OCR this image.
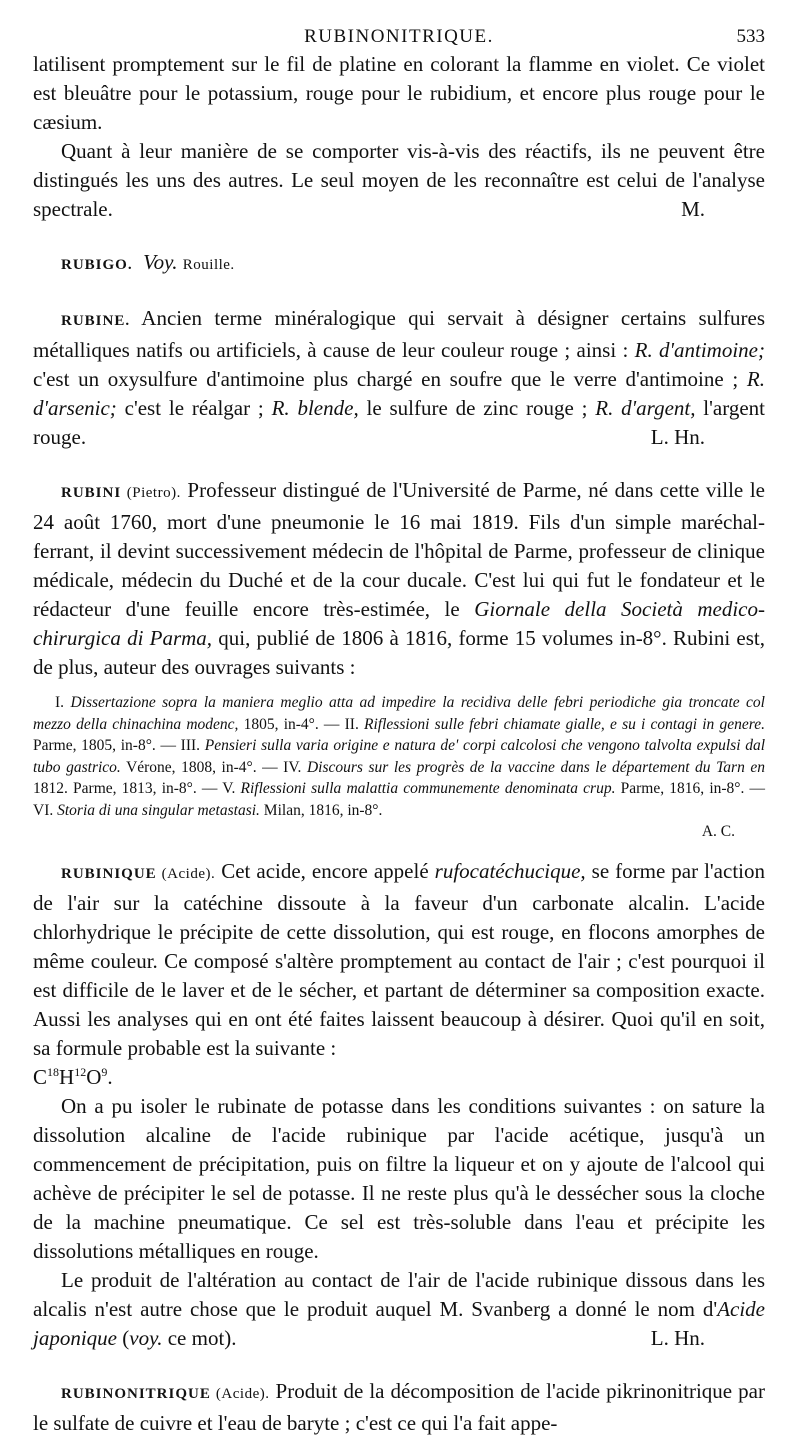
RUBINONITRIQUE.	533

latilisent promptement sur le fil de platine en colorant la flamme en violet. Ce violet est bleuâtre pour le potassium, rouge pour le rubidium, et encore plus rouge pour le cæsium.

Quant à leur manière de se comporter vis-à-vis des réactifs, ils ne peuvent être distingués les uns des autres. Le seul moyen de les reconnaître est celui de l'analyse spectrale.	M.

RUBIGO. Voy. Rouille.

RUBINE. Ancien terme minéralogique qui servait à désigner certains sulfures métalliques natifs ou artificiels, à cause de leur couleur rouge ; ainsi : R. d'antimoine; c'est un oxysulfure d'antimoine plus chargé en soufre que le verre d'antimoine ; R. d'arsenic; c'est le réalgar ; R. blende, le sulfure de zinc rouge ; R. d'argent, l'argent rouge.	L. Hn.

RUBINI (Pietro). Professeur distingué de l'Université de Parme, né dans cette ville le 24 août 1760, mort d'une pneumonie le 16 mai 1819. Fils d'un simple maréchal-ferrant, il devint successivement médecin de l'hôpital de Parme, professeur de clinique médicale, médecin du Duché et de la cour ducale. C'est lui qui fut le fondateur et le rédacteur d'une feuille encore très-estimée, le Giornale della Società medico-chirurgica di Parma, qui, publié de 1806 à 1816, forme 15 volumes in-8°. Rubini est, de plus, auteur des ouvrages suivants :

I. Dissertazione sopra la maniera meglio atta ad impedire la recidiva delle febri periodiche gia troncate col mezzo della chinachina modenc, 1805, in-4°. — II. Riflessioni sulle febri chiamate gialle, e su i contagi in genere. Parme, 1805, in-8°. — III. Pensieri sulla varia origine e natura de' corpi calcolosi che vengono talvolta expulsi dal tubo gastrico. Vérone, 1808, in-4°. — IV. Discours sur les progrès de la vaccine dans le département du Tarn en 1812. Parme, 1813, in-8°. — V. Riflessioni sulla malattia communemente denominata crup. Parme, 1816, in-8°. — VI. Storia di una singular metastasi. Milan, 1816, in-8°.

A. C.

RUBINIQUE (Acide). Cet acide, encore appelé rufocatéchucique, se forme par l'action de l'air sur la catéchine dissoute à la faveur d'un carbonate alcalin. L'acide chlorhydrique le précipite de cette dissolution, qui est rouge, en flocons amorphes de même couleur. Ce composé s'altère promptement au contact de l'air ; c'est pourquoi il est difficile de le laver et de le sécher, et partant de déterminer sa composition exacte. Aussi les analyses qui en ont été faites laissent beaucoup à désirer. Quoi qu'il en soit, sa formule probable est la suivante :

$C^{18}H^{12}O^9$.

On a pu isoler le rubinate de potasse dans les conditions suivantes : on sature la dissolution alcaline de l'acide rubinique par l'acide acétique, jusqu'à un commencement de précipitation, puis on filtre la liqueur et on y ajoute de l'alcool qui achève de précipiter le sel de potasse. Il ne reste plus qu'à le dessécher sous la cloche de la machine pneumatique. Ce sel est très-soluble dans l'eau et précipite les dissolutions métalliques en rouge.

Le produit de l'altération au contact de l'air de l'acide rubinique dissous dans les alcalis n'est autre chose que le produit auquel M. Svanberg a donné le nom d'Acide japonique (voy. ce mot).	L. Hn.

RUBINONITRIQUE (Acide). Produit de la décomposition de l'acide pikrinonitrique par le sulfate de cuivre et l'eau de baryte ; c'est ce qui l'a fait appe-
